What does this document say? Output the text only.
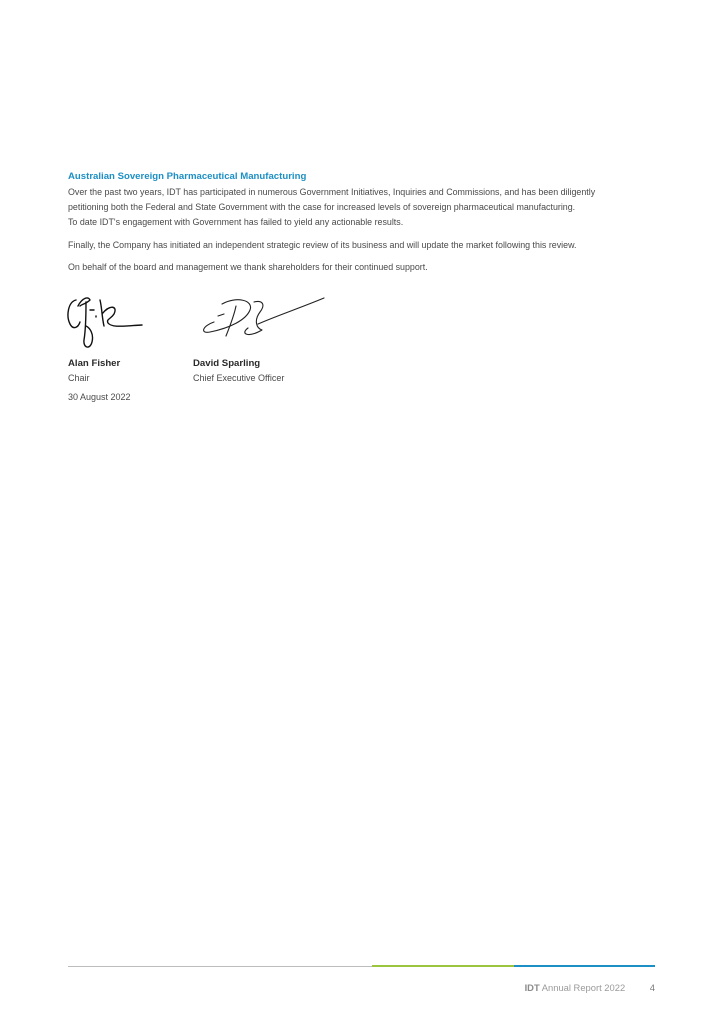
Australian Sovereign Pharmaceutical Manufacturing
Over the past two years, IDT has participated in numerous Government Initiatives, Inquiries and Commissions, and has been diligently
petitioning both the Federal and State Government with the case for increased levels of sovereign pharmaceutical manufacturing.
To date IDT's engagement with Government has failed to yield any actionable results.
Finally, the Company has initiated an independent strategic review of its business and will update the market following this review.
On behalf of the board and management we thank shareholders for their continued support.
Alan Fisher
Chair
David Sparling
Chief Executive Officer
30 August 2022
IDT Annual Report 2022	4
